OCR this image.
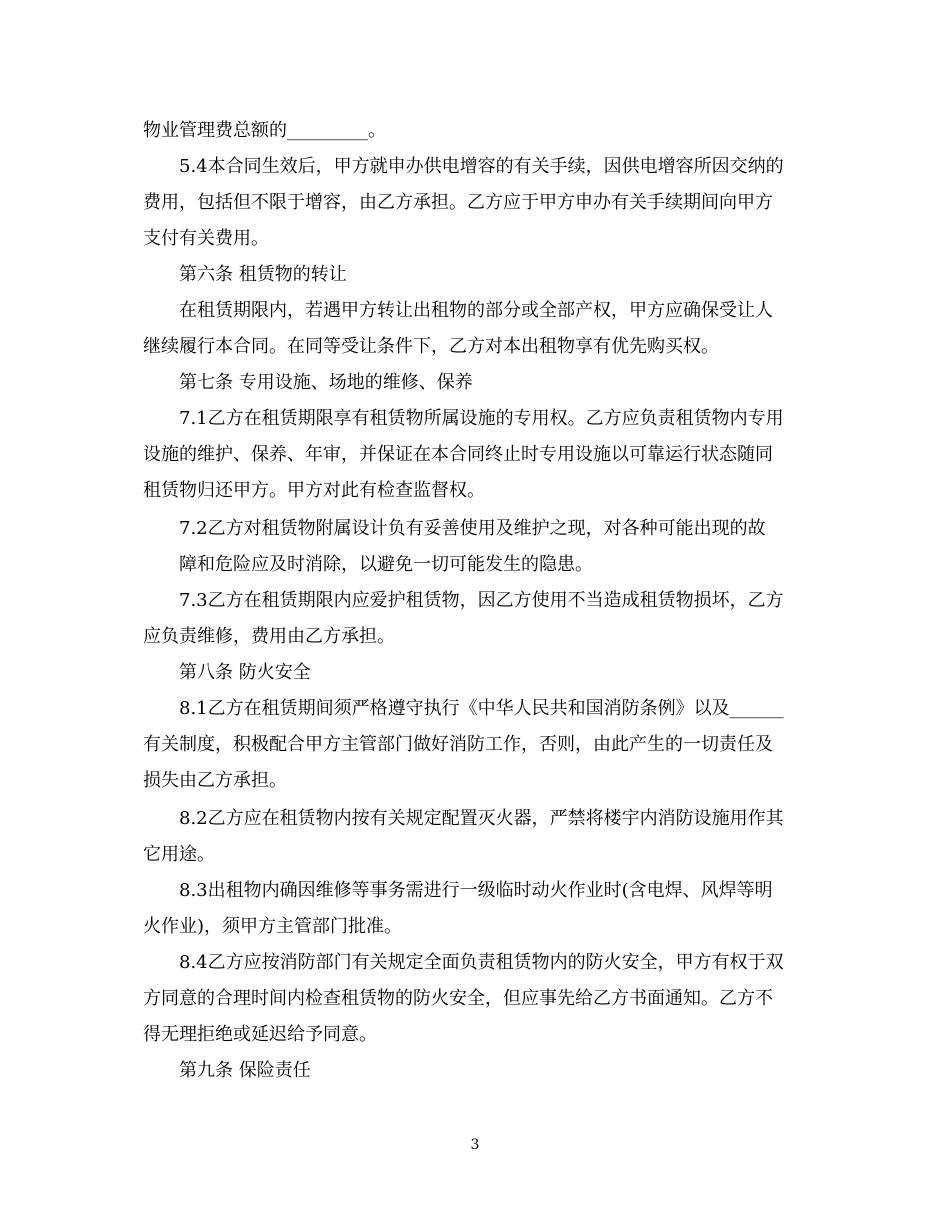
物业管理费总额的_________。

5.4本合同生效后，甲方就申办供电增容的有关手续，因供电增容所因交纳的

费用，包括但不限于增容，由乙方承担。乙方应于甲方申办有关手续期间向甲方

支付有关费用。

第六条 租赁物的转让

在租赁期限内，若遇甲方转让出租物的部分或全部产权，甲方应确保受让人

继续履行本合同。在同等受让条件下，乙方对本出租物享有优先购买权。

第七条 专用设施、场地的维修、保养

7.1乙方在租赁期限享有租赁物所属设施的专用权。乙方应负责租赁物内专用

设施的维护、保养、年审，并保证在本合同终止时专用设施以可靠运行状态随同

租赁物归还甲方。甲方对此有检查监督权。

7.2乙方对租赁物附属设计负有妥善使用及维护之现，对各种可能出现的故

障和危险应及时消除，以避免一切可能发生的隐患。

7.3乙方在租赁期限内应爱护租赁物，因乙方使用不当造成租赁物损坏，乙方

应负责维修，费用由乙方承担。

第八条 防火安全

8.1乙方在租赁期间须严格遵守执行《中华人民共和国消防条例》以及______

有关制度，积极配合甲方主管部门做好消防工作，否则，由此产生的一切责任及

损失由乙方承担。

8.2乙方应在租赁物内按有关规定配置灭火器，严禁将楼宇内消防设施用作其

它用途。

8.3出租物内确因维修等事务需进行一级临时动火作业时(含电焊、风焊等明

火作业)，须甲方主管部门批准。

8.4乙方应按消防部门有关规定全面负责租赁物内的防火安全，甲方有权于双

方同意的合理时间内检查租赁物的防火安全，但应事先给乙方书面通知。乙方不

得无理拒绝或延迟给予同意。

第九条 保险责任

3
